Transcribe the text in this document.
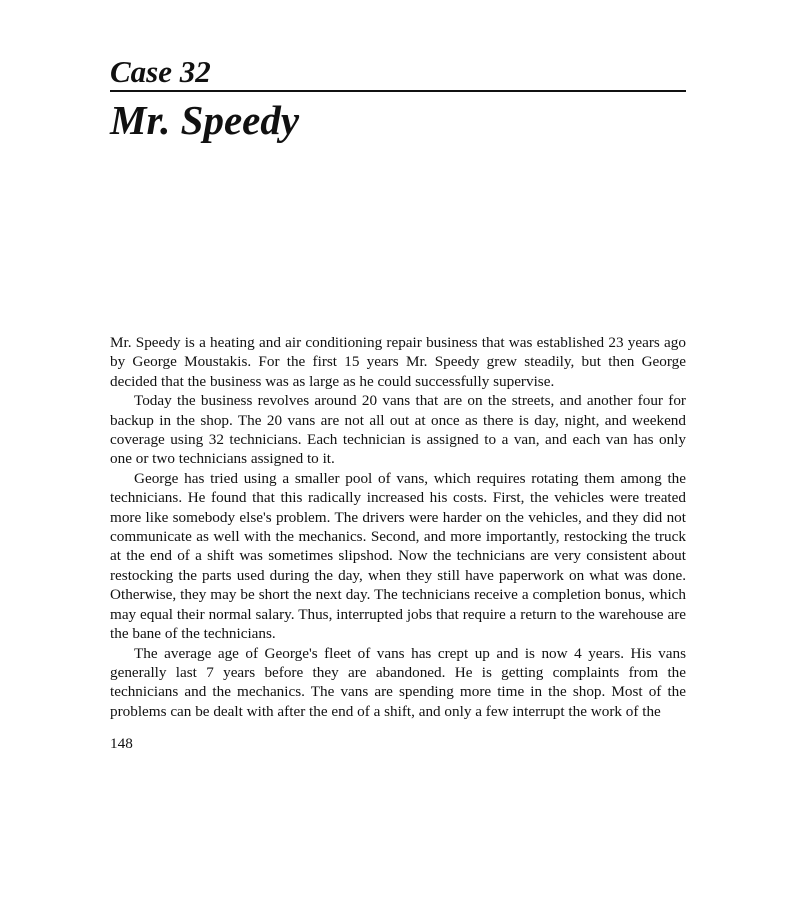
Case 32
Mr. Speedy

Mr. Speedy is a heating and air conditioning repair business that was established 23 years ago by George Moustakis. For the first 15 years Mr. Speedy grew steadily, but then George decided that the business was as large as he could successfully supervise.

Today the business revolves around 20 vans that are on the streets, and another four for backup in the shop. The 20 vans are not all out at once as there is day, night, and weekend coverage using 32 technicians. Each technician is assigned to a van, and each van has only one or two technicians assigned to it.

George has tried using a smaller pool of vans, which requires rotating them among the technicians. He found that this radically increased his costs. First, the vehicles were treated more like somebody else's problem. The drivers were harder on the vehicles, and they did not communicate as well with the mechanics. Second, and more importantly, restocking the truck at the end of a shift was sometimes slipshod. Now the technicians are very consistent about restocking the parts used during the day, when they still have paperwork on what was done. Otherwise, they may be short the next day. The technicians receive a completion bonus, which may equal their normal salary. Thus, interrupted jobs that require a return to the warehouse are the bane of the technicians.

The average age of George's fleet of vans has crept up and is now 4 years. His vans generally last 7 years before they are abandoned. He is getting complaints from the technicians and the mechanics. The vans are spending more time in the shop. Most of the problems can be dealt with after the end of a shift, and only a few interrupt the work of the

148
